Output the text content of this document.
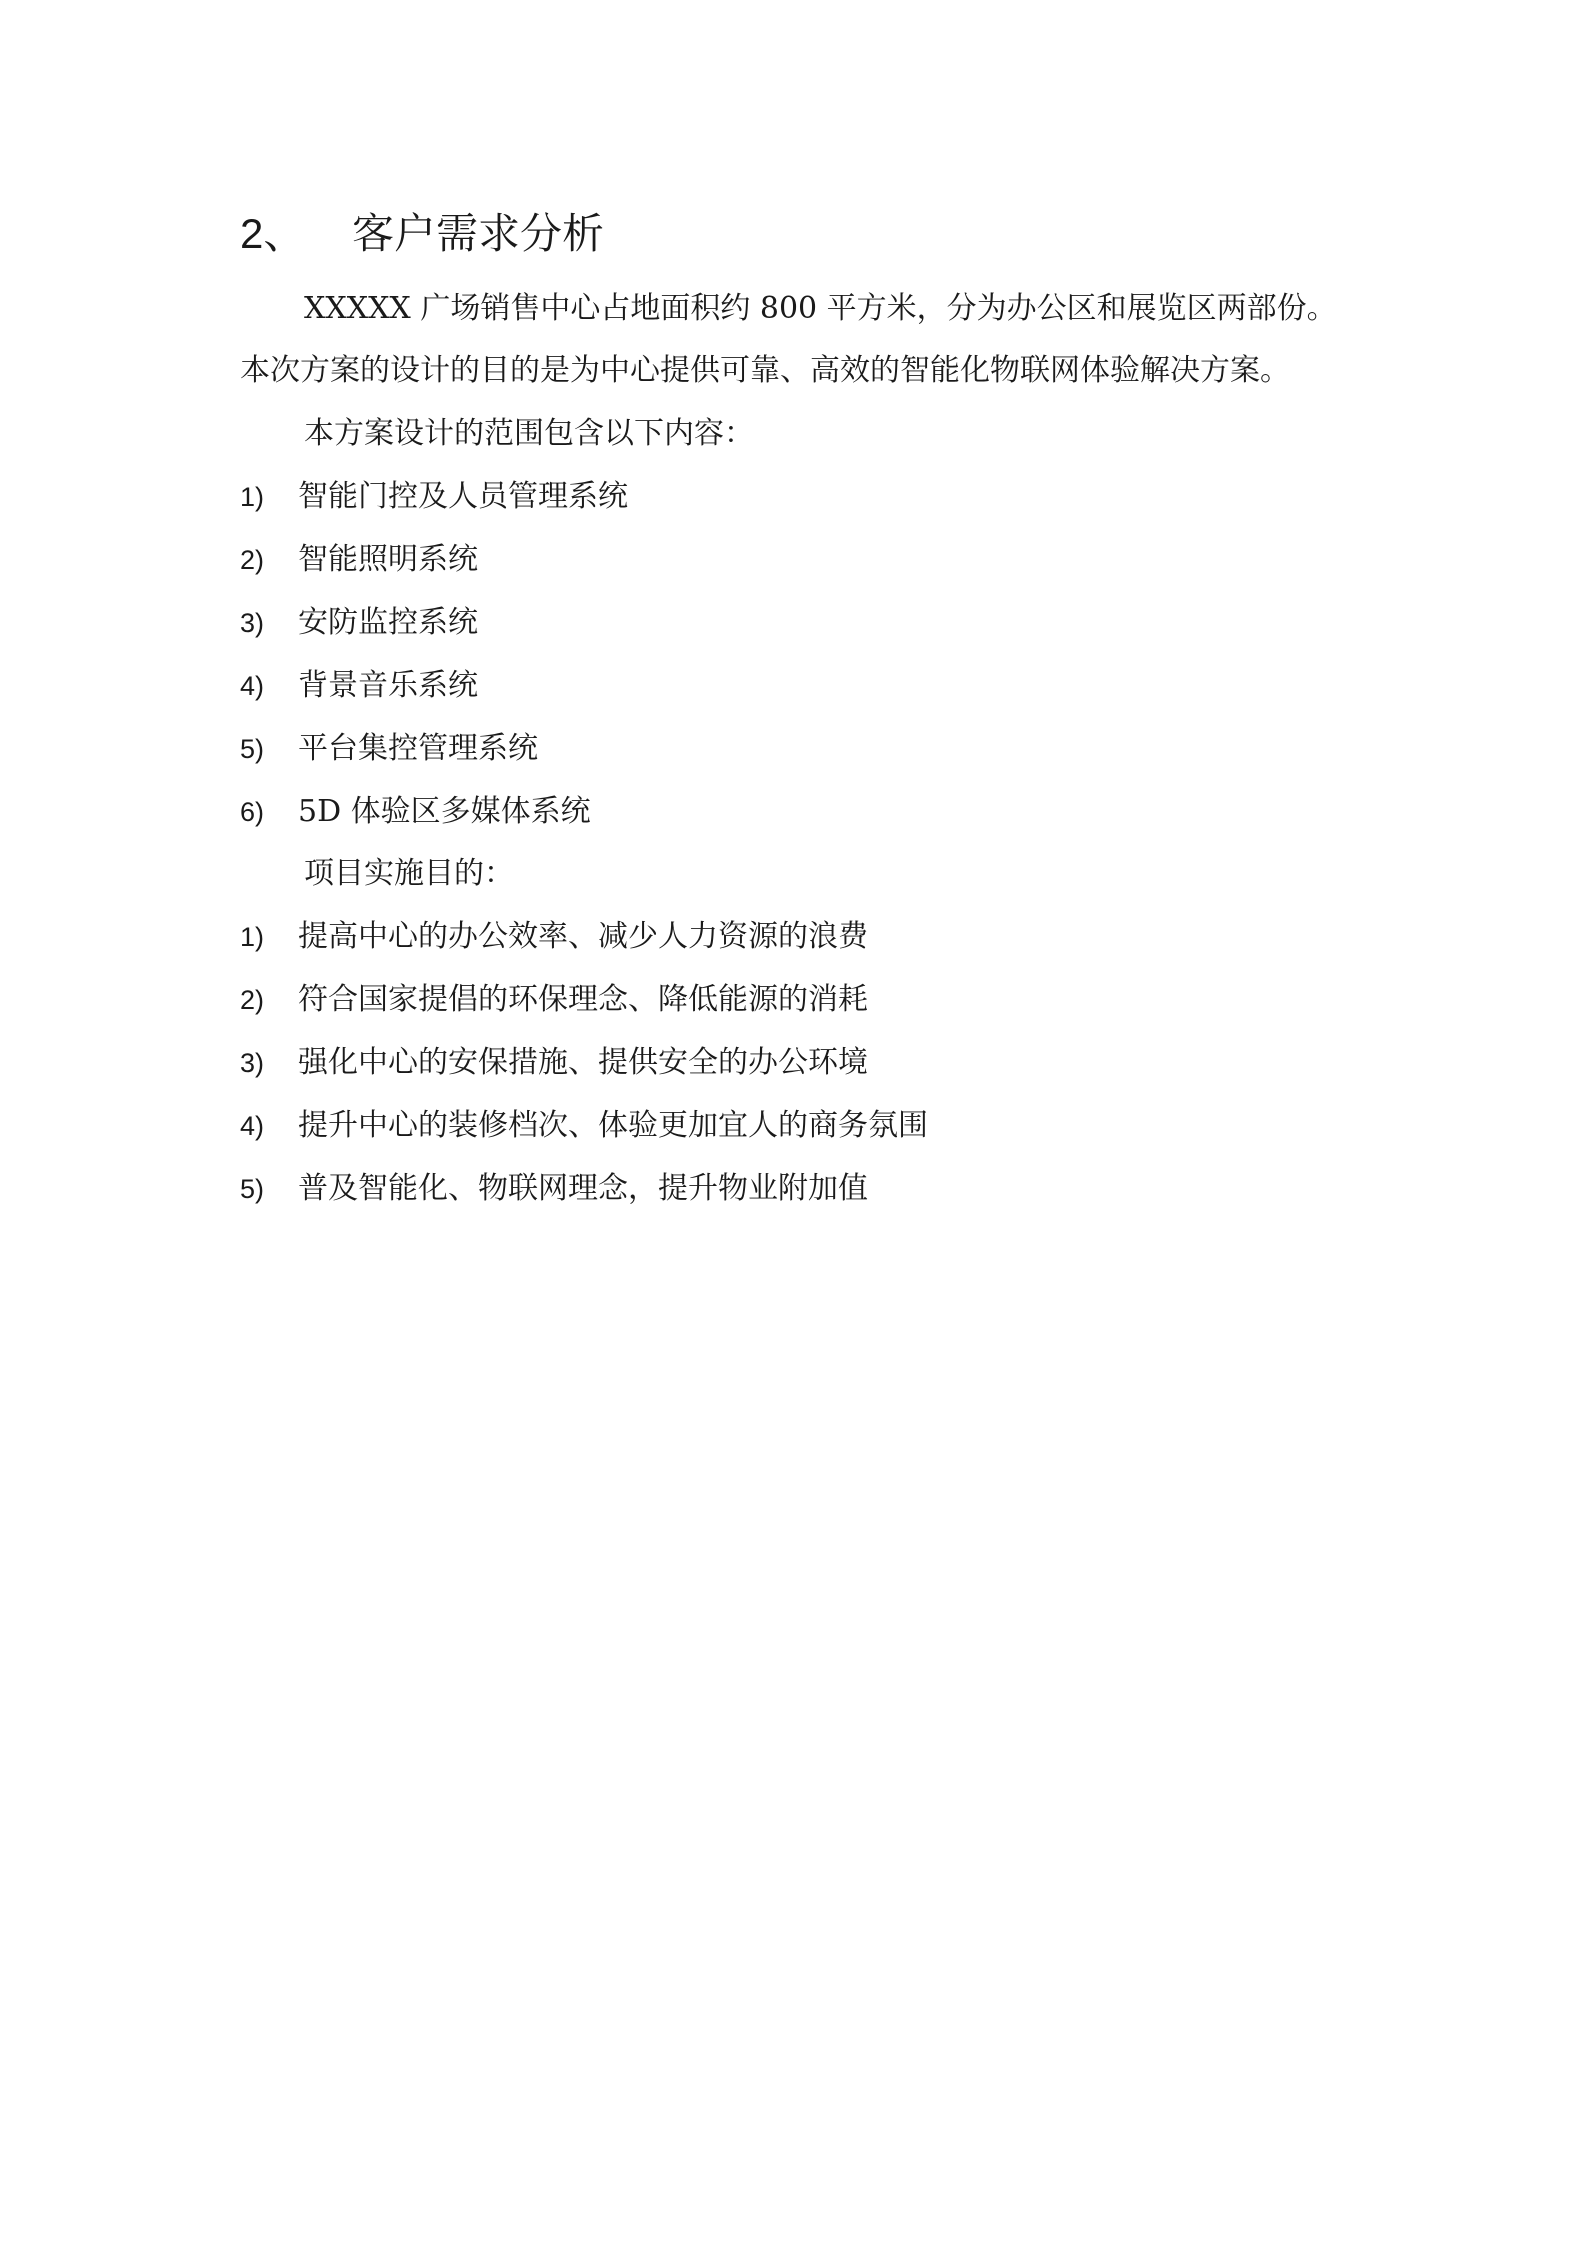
2、	客户需求分析
XXXXX 广场销售中心占地面积约 800 平方米，分为办公区和展览区两部份。
本次方案的设计的目的是为中心提供可靠、高效的智能化物联网体验解决方案。
本方案设计的范围包含以下内容：
1)	智能门控及人员管理系统
2)	智能照明系统
3)	安防监控系统
4)	背景音乐系统
5)	平台集控管理系统
6)	5D 体验区多媒体系统
项目实施目的：
1)	提高中心的办公效率、减少人力资源的浪费
2)	符合国家提倡的环保理念、降低能源的消耗
3)	强化中心的安保措施、提供安全的办公环境
4)	提升中心的装修档次、体验更加宜人的商务氛围
5)	普及智能化、物联网理念，提升物业附加值
